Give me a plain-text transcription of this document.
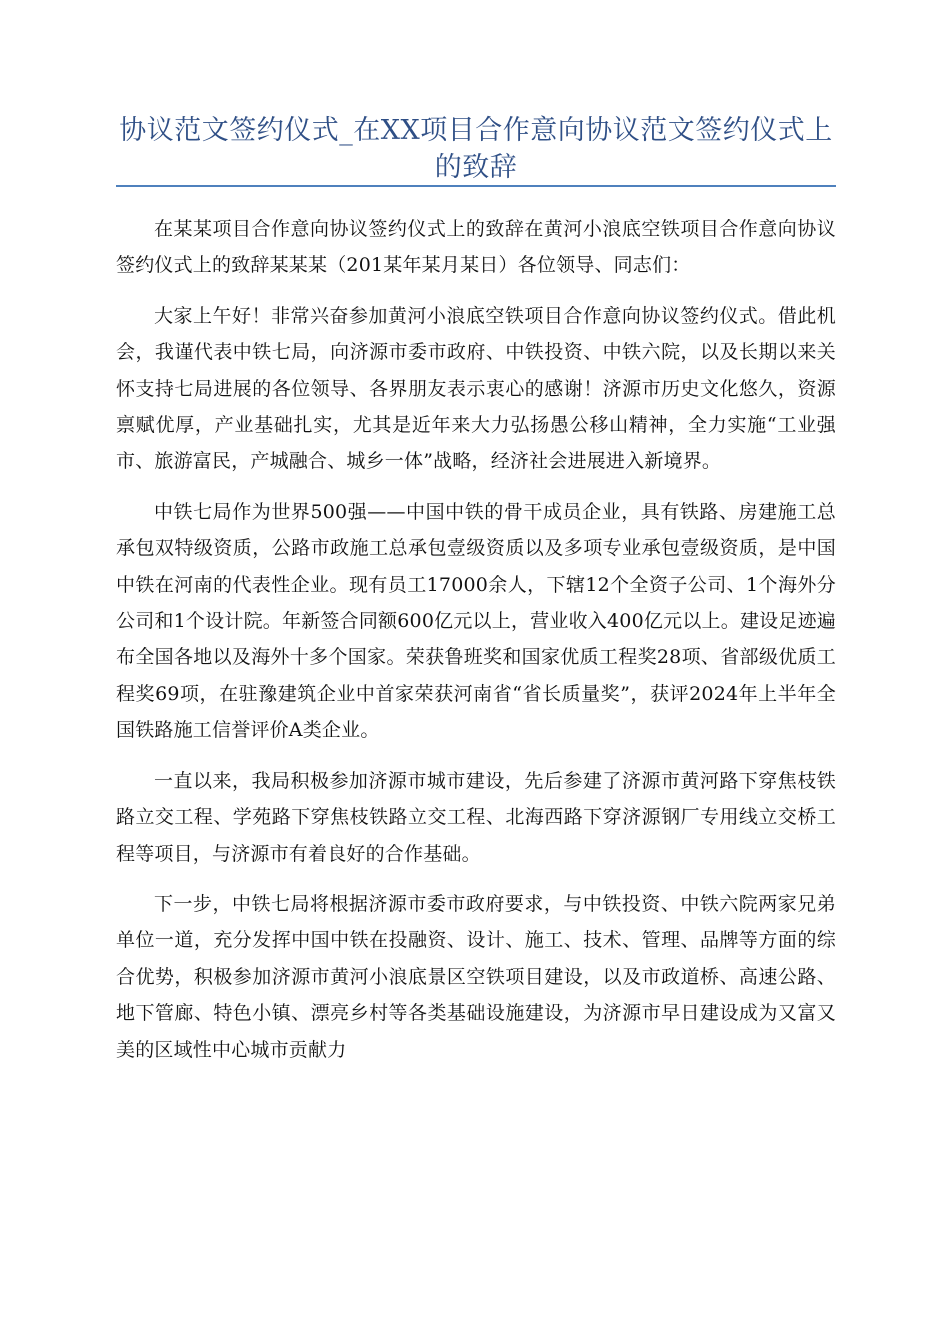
协议范文签约仪式_在XX项目合作意向协议范文签约仪式上的致辞

在某某项目合作意向协议签约仪式上的致辞在黄河小浪底空铁项目合作意向协议签约仪式上的致辞某某某（201某年某月某日）各位领导、同志们：

大家上午好！非常兴奋参加黄河小浪底空铁项目合作意向协议签约仪式。借此机会，我谨代表中铁七局，向济源市委市政府、中铁投资、中铁六院，以及长期以来关怀支持七局进展的各位领导、各界朋友表示衷心的感谢！济源市历史文化悠久，资源禀赋优厚，产业基础扎实，尤其是近年来大力弘扬愚公移山精神，全力实施“工业强市、旅游富民，产城融合、城乡一体”战略，经济社会进展进入新境界。

中铁七局作为世界500强——中国中铁的骨干成员企业，具有铁路、房建施工总承包双特级资质，公路市政施工总承包壹级资质以及多项专业承包壹级资质，是中国中铁在河南的代表性企业。现有员工17000余人，下辖12个全资子公司、1个海外分公司和1个设计院。年新签合同额600亿元以上，营业收入400亿元以上。建设足迹遍布全国各地以及海外十多个国家。荣获鲁班奖和国家优质工程奖28项、省部级优质工程奖69项，在驻豫建筑企业中首家荣获河南省“省长质量奖”，获评2024年上半年全国铁路施工信誉评价A类企业。

一直以来，我局积极参加济源市城市建设，先后参建了济源市黄河路下穿焦枝铁路立交工程、学苑路下穿焦枝铁路立交工程、北海西路下穿济源钢厂专用线立交桥工程等项目，与济源市有着良好的合作基础。

下一步，中铁七局将根据济源市委市政府要求，与中铁投资、中铁六院两家兄弟单位一道，充分发挥中国中铁在投融资、设计、施工、技术、管理、品牌等方面的综合优势，积极参加济源市黄河小浪底景区空铁项目建设，以及市政道桥、高速公路、地下管廊、特色小镇、漂亮乡村等各类基础设施建设，为济源市早日建设成为又富又美的区域性中心城市贡献力
